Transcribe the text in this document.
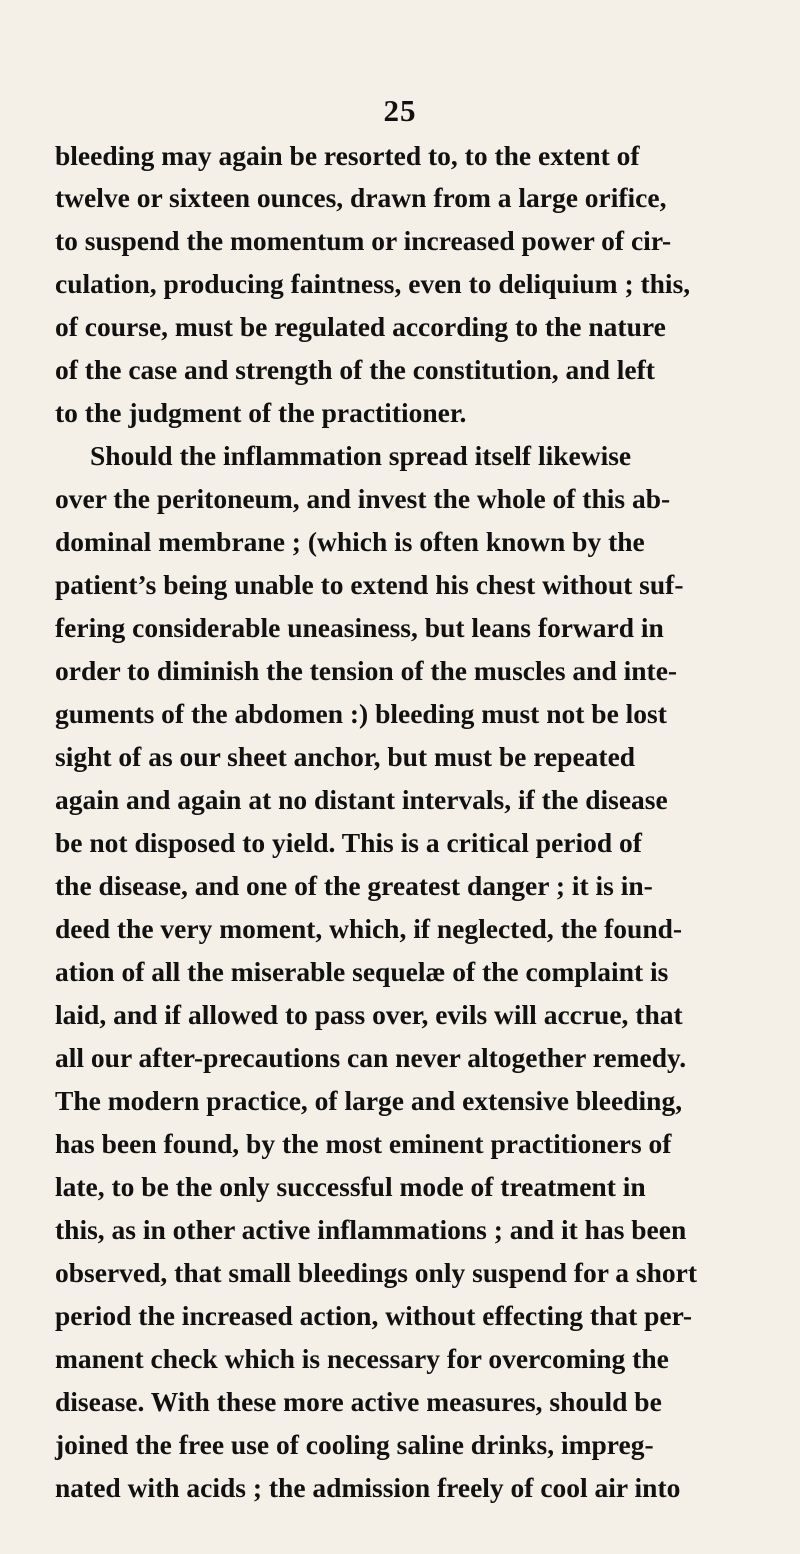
25
bleeding may again be resorted to, to the extent of
twelve or sixteen ounces, drawn from a large orifice,
to suspend the momentum or increased power of cir-
culation, producing faintness, even to deliquium ; this,
of course, must be regulated according to the nature
of the case and strength of the constitution, and left
to the judgment of the practitioner.
Should the inflammation spread itself likewise
over the peritoneum, and invest the whole of this ab-
dominal membrane ; (which is often known by the
patient’s being unable to extend his chest without suf-
fering considerable uneasiness, but leans forward in
order to diminish the tension of the muscles and inte-
guments of the abdomen :) bleeding must not be lost
sight of as our sheet anchor, but must be repeated
again and again at no distant intervals, if the disease
be not disposed to yield. This is a critical period of
the disease, and one of the greatest danger ; it is in-
deed the very moment, which, if neglected, the found-
ation of all the miserable sequelæ of the complaint is
laid, and if allowed to pass over, evils will accrue, that
all our after-precautions can never altogether remedy.
The modern practice, of large and extensive bleeding,
has been found, by the most eminent practitioners of
late, to be the only successful mode of treatment in
this, as in other active inflammations ; and it has been
observed, that small bleedings only suspend for a short
period the increased action, without effecting that per-
manent check which is necessary for overcoming the
disease. With these more active measures, should be
joined the free use of cooling saline drinks, impreg-
nated with acids ; the admission freely of cool air into
